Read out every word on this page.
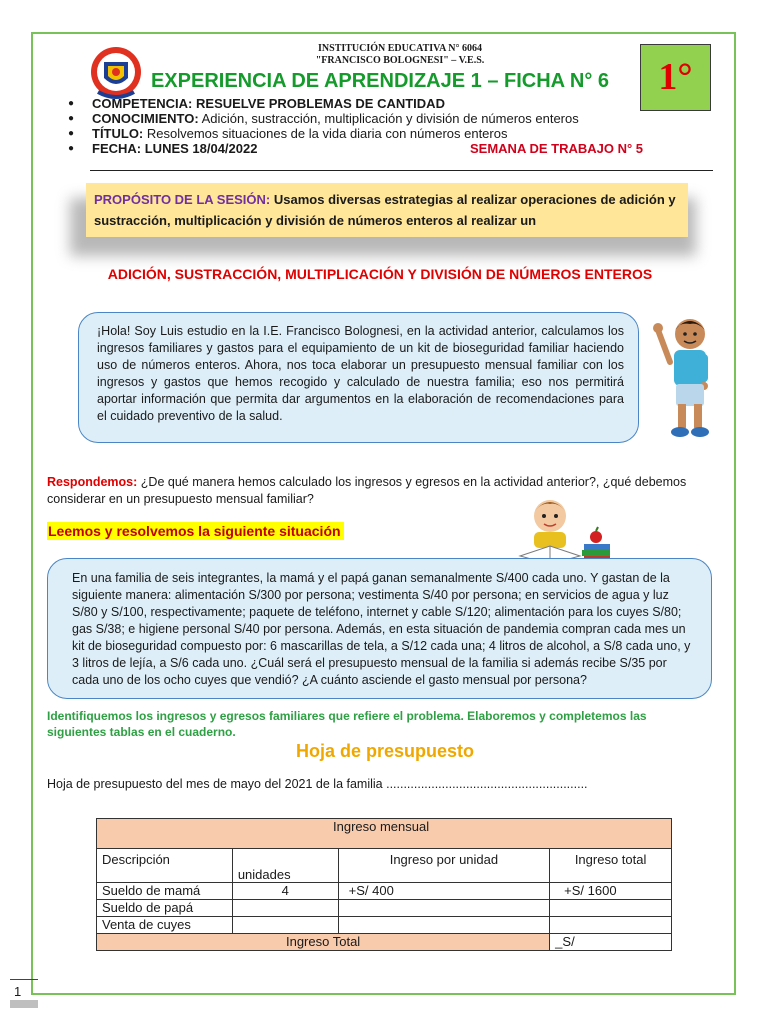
INSTITUCIÓN EDUCATIVA N° 6064
"FRANCISCO BOLOGNESI" – V.E.S.
EXPERIENCIA DE APRENDIZAJE 1 – FICHA N° 6	1°
● COMPETENCIA: RESUELVE PROBLEMAS DE CANTIDAD
● CONOCIMIENTO: Adición, sustracción, multiplicación y división de números enteros
● TÍTULO: Resolvemos situaciones de la vida diaria con números enteros
● FECHA: LUNES 18/04/2022	SEMANA DE TRABAJO N° 5
PROPÓSITO DE LA SESIÓN: Usamos diversas estrategias al realizar operaciones de adición y sustracción, multiplicación y división de números enteros al realizar un
ADICIÓN, SUSTRACCIÓN, MULTIPLICACIÓN Y DIVISIÓN DE NÚMEROS ENTEROS
¡Hola! Soy Luis estudio en la I.E. Francisco Bolognesi, en la actividad anterior, calculamos los ingresos familiares y gastos para el equipamiento de un kit de bioseguridad familiar haciendo uso de números enteros. Ahora, nos toca elaborar un presupuesto mensual familiar con los ingresos y gastos que hemos recogido y calculado de nuestra familia; eso nos permitirá aportar información que permita dar argumentos en la elaboración de recomendaciones para el cuidado preventivo de la salud.
Respondemos: ¿De qué manera hemos calculado los ingresos y egresos en la actividad anterior?, ¿qué debemos considerar en un presupuesto mensual familiar?
Leemos y resolvemos la siguiente situación
En una familia de seis integrantes, la mamá y el papá ganan semanalmente S/400 cada uno. Y gastan de la siguiente manera: alimentación S/300 por persona; vestimenta S/40 por persona; en servicios de agua y luz S/80 y S/100, respectivamente; paquete de teléfono, internet y cable S/120; alimentación para los cuyes S/80; gas S/38; e higiene personal S/40 por persona. Además, en esta situación de pandemia compran cada mes un kit de bioseguridad compuesto por: 6 mascarillas de tela, a S/12 cada una; 4 litros de alcohol, a S/8 cada uno, y 3 litros de lejía, a S/6 cada uno. ¿Cuál será el presupuesto mensual de la familia si además recibe S/35 por cada uno de los ocho cuyes que vendió? ¿A cuánto asciende el gasto mensual por persona?
Identifiquemos los ingresos y egresos familiares que refiere el problema. Elaboremos y completemos las siguientes tablas en el cuaderno.
Hoja de presupuesto
Hoja de presupuesto del mes de mayo del 2021 de la familia ..........................................................
Ingreso mensual			
Descripción	unidades	Ingreso por unidad	Ingreso total
Sueldo de mamá	4	+S/ 400	+S/ 1600
Sueldo de papá			
Venta de cuyes			
Ingreso Total			_S/
1
